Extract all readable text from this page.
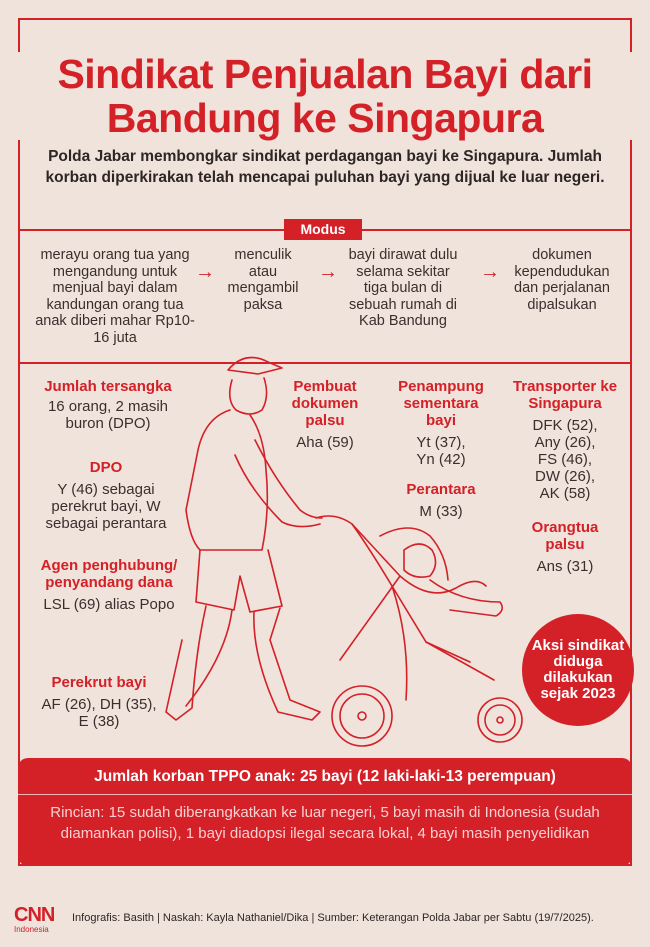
Sindikat Penjualan Bayi dari
Bandung ke Singapura

Polda Jabar membongkar sindikat perdagangan bayi ke Singapura. Jumlah korban diperkirakan telah mencapai puluhan bayi yang dijual ke luar negeri.

Modus
merayu orang tua yang mengandung untuk menjual bayi dalam kandungan orang tua anak diberi mahar Rp10-16 juta
→
menculik atau mengambil paksa
→
bayi dirawat dulu selama sekitar tiga bulan di sebuah rumah di Kab Bandung
→
dokumen kependudukan dan perjalanan dipalsukan
Jumlah tersangka
16 orang, 2 masih buron (DPO)
DPO
Y (46) sebagai perekrut bayi, W sebagai perantara
Agen penghubung/ penyandang dana
LSL (69) alias Popo
Perekrut bayi
AF (26), DH (35), E (38)
Pembuat dokumen palsu
Aha (59)
Penampung sementara bayi
Yt (37), Yn (42)
Perantara
M (33)
Transporter ke Singapura
DFK (52), Any (26), FS (46), DW (26), AK (58)
Orangtua palsu
Ans (31)
Aksi sindikat diduga dilakukan sejak 2023
Jumlah korban TPPO anak: 25 bayi (12 laki-laki-13 perempuan)
Rincian: 15 sudah diberangkatkan ke luar negeri, 5 bayi masih di Indonesia (sudah diamankan polisi), 1 bayi diadopsi ilegal secara lokal, 4 bayi masih penyelidikan
CNN
Indonesia
Infografis: Basith | Naskah: Kayla Nathaniel/Dika | Sumber: Keterangan Polda Jabar per Sabtu (19/7/2025).
